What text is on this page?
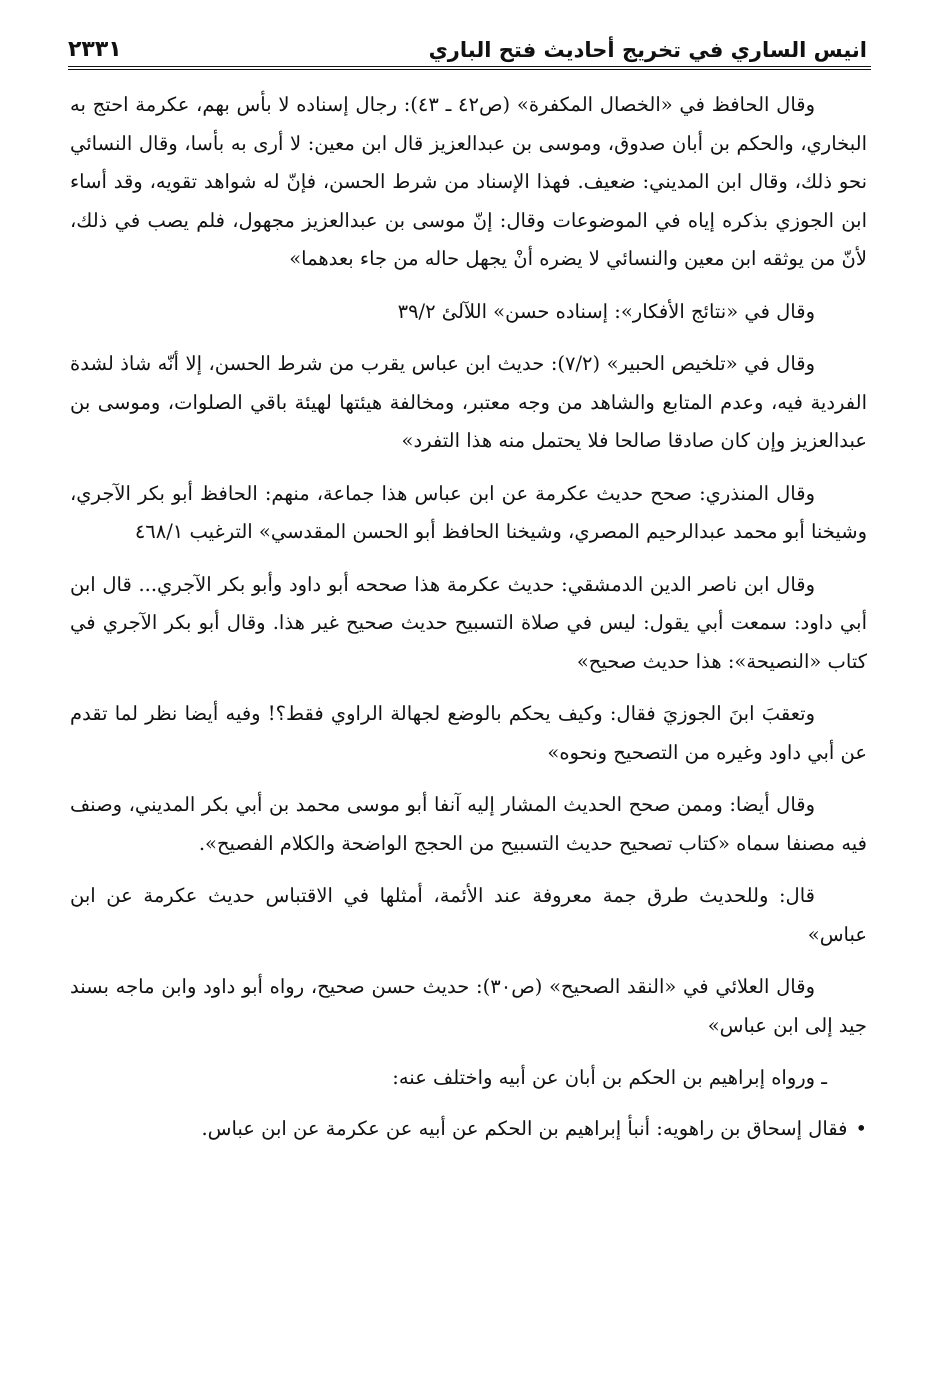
انيس الساري في تخريج أحاديث فتح الباري
٢٣٣١

وقال الحافظ في «الخصال المكفرة» (ص٤٢ ـ ٤٣): رجال إسناده لا بأس بهم، عكرمة احتج به البخاري، والحكم بن أبان صدوق، وموسى بن عبدالعزيز قال ابن معين: لا أرى به بأسا، وقال النسائي نحو ذلك، وقال ابن المديني: ضعيف. فهذا الإسناد من شرط الحسن، فإنّ له شواهد تقويه، وقد أساء ابن الجوزي بذكره إياه في الموضوعات وقال: إنّ موسى بن عبدالعزيز مجهول، فلم يصب في ذلك، لأنّ من يوثقه ابن معين والنسائي لا يضره أنْ يجهل حاله من جاء بعدهما»

وقال في «نتائج الأفكار»: إسناده حسن» اللآلئ ٣٩/٢

وقال في «تلخيص الحبير» (٧/٢): حديث ابن عباس يقرب من شرط الحسن، إلا أنّه شاذ لشدة الفردية فيه، وعدم المتابع والشاهد من وجه معتبر، ومخالفة هيئتها لهيئة باقي الصلوات، وموسى بن عبدالعزيز وإن كان صادقا صالحا فلا يحتمل منه هذا التفرد»

وقال المنذري: صحح حديث عكرمة عن ابن عباس هذا جماعة، منهم: الحافظ أبو بكر الآجري، وشيخنا أبو محمد عبدالرحيم المصري، وشيخنا الحافظ أبو الحسن المقدسي» الترغيب ٤٦٨/١

وقال ابن ناصر الدين الدمشقي: حديث عكرمة هذا صححه أبو داود وأبو بكر الآجري... قال ابن أبي داود: سمعت أبي يقول: ليس في صلاة التسبيح حديث صحيح غير هذا. وقال أبو بكر الآجري في كتاب «النصيحة»: هذا حديث صحيح»

وتعقبَ ابنَ الجوزيَ فقال: وكيف يحكم بالوضع لجهالة الراوي فقط؟! وفيه أيضا نظر لما تقدم عن أبي داود وغيره من التصحيح ونحوه»

وقال أيضا: وممن صحح الحديث المشار إليه آنفا أبو موسى محمد بن أبي بكر المديني، وصنف فيه مصنفا سماه «كتاب تصحيح حديث التسبيح من الحجج الواضحة والكلام الفصيح».

قال: وللحديث طرق جمة معروفة عند الأئمة، أمثلها في الاقتباس حديث عكرمة عن ابن عباس»

وقال العلائي في «النقد الصحيح» (ص٣٠): حديث حسن صحيح، رواه أبو داود وابن ماجه بسند جيد إلى ابن عباس»

ـ ورواه إبراهيم بن الحكم بن أبان عن أبيه واختلف عنه:

•فقال إسحاق بن راهويه: أنبأ إبراهيم بن الحكم عن أبيه عن عكرمة عن ابن عباس.
